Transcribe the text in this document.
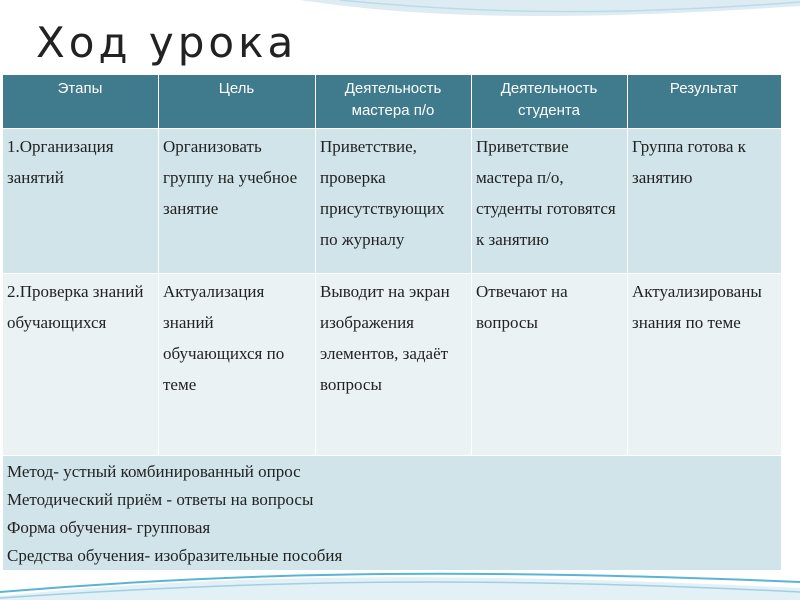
Ход урока
Этапы	Цель	Деятельность мастера п/о	Деятельность студента	Результат
1.Организация занятий	Организовать группу на учебное занятие	Приветствие, проверка присутствующих по журналу	Приветствие мастера п/о, студенты готовятся к занятию	Группа готова к занятию
2.Проверка знаний обучающихся	Актуализация знаний обучающихся по теме	Выводит на экран изображения элементов, задаёт вопросы	Отвечают на вопросы	Актуализированы знания по теме

Метод- устный комбинированный опрос
Методический приём - ответы на вопросы
Форма обучения- групповая
Средства обучения- изобразительные пособия				
